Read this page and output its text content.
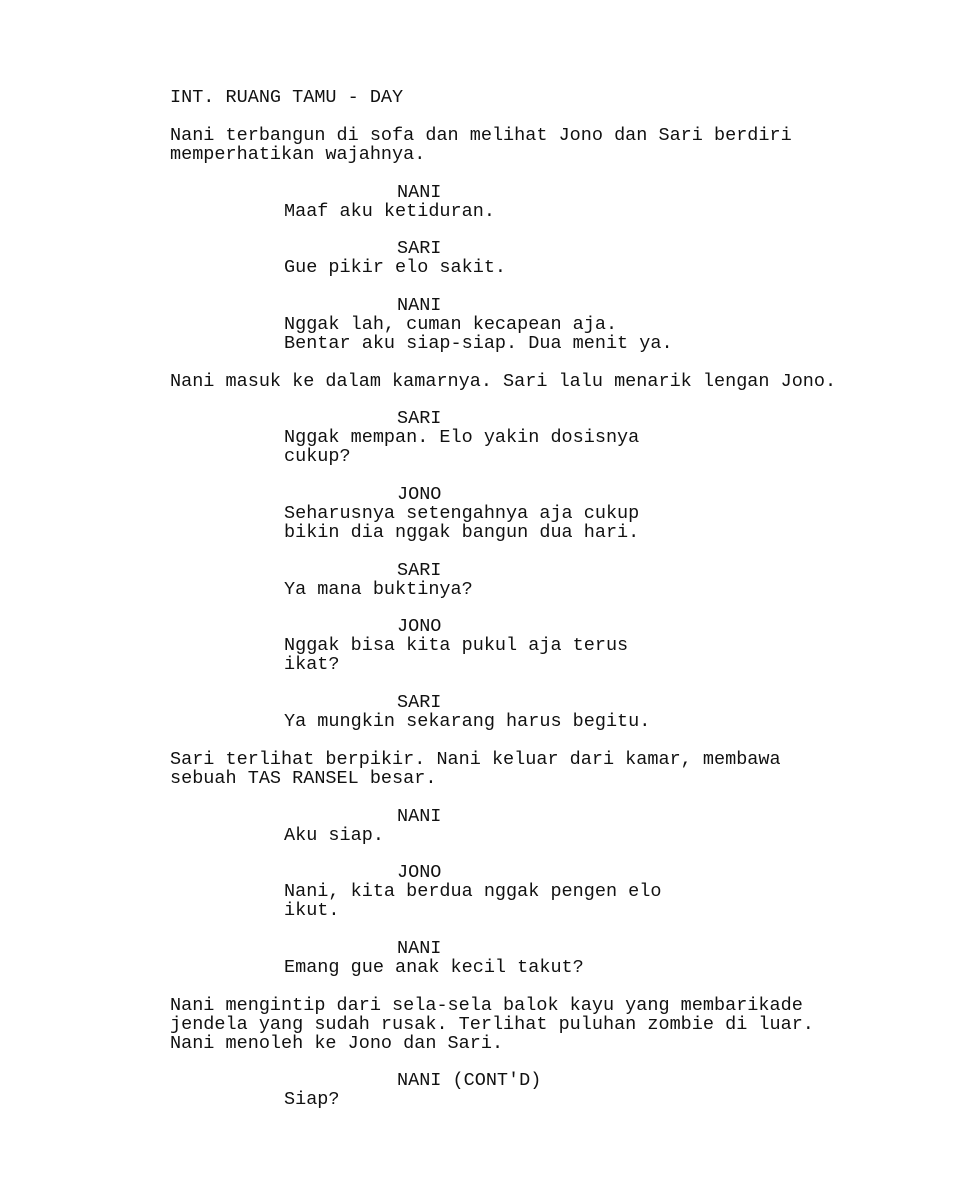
INT. RUANG TAMU - DAY
Nani terbangun di sofa dan melihat Jono dan Sari berdiri
memperhatikan wajahnya.
NANI
Maaf aku ketiduran.
SARI
Gue pikir elo sakit.
NANI
Nggak lah, cuman kecapean aja.
Bentar aku siap-siap. Dua menit ya.
Nani masuk ke dalam kamarnya. Sari lalu menarik lengan Jono.
SARI
Nggak mempan. Elo yakin dosisnya
cukup?
JONO
Seharusnya setengahnya aja cukup
bikin dia nggak bangun dua hari.
SARI
Ya mana buktinya?
JONO
Nggak bisa kita pukul aja terus
ikat?
SARI
Ya mungkin sekarang harus begitu.
Sari terlihat berpikir. Nani keluar dari kamar, membawa
sebuah TAS RANSEL besar.
NANI
Aku siap.
JONO
Nani, kita berdua nggak pengen elo
ikut.
NANI
Emang gue anak kecil takut?
Nani mengintip dari sela-sela balok kayu yang membarikade
jendela yang sudah rusak. Terlihat puluhan zombie di luar.
Nani menoleh ke Jono dan Sari.
NANI (CONT'D)
Siap?
